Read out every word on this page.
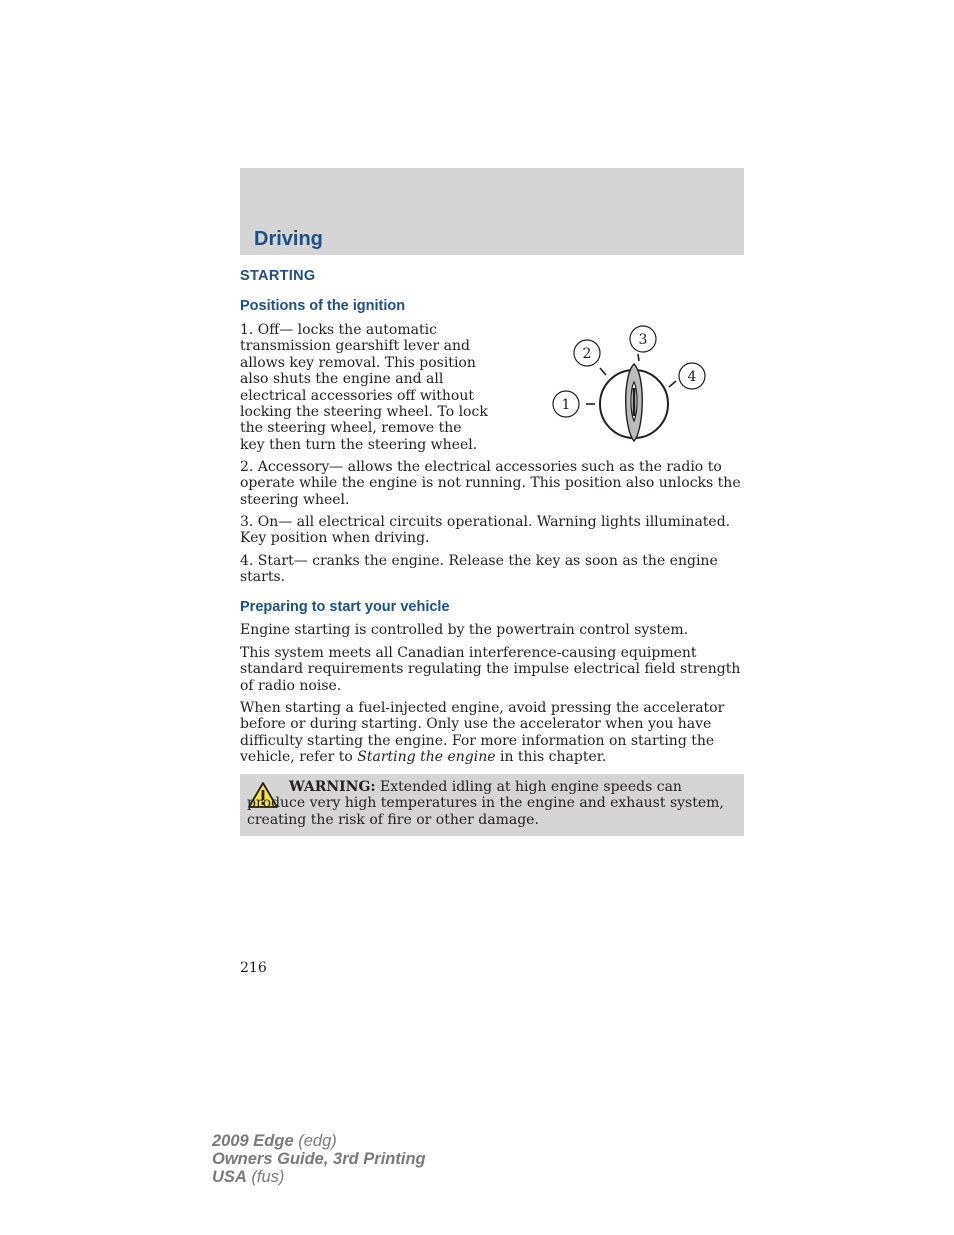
Driving
STARTING
Positions of the ignition

1. Off— locks the automatic transmission gearshift lever and allows key removal. This position also shuts the engine and all electrical accessories off without locking the steering wheel. To lock the steering wheel, remove the key then turn the steering wheel.

1
2
3
4

2. Accessory— allows the electrical accessories such as the radio to operate while the engine is not running. This position also unlocks the steering wheel.

3. On— all electrical circuits operational. Warning lights illuminated. Key position when driving.

4. Start— cranks the engine. Release the key as soon as the engine starts.

Preparing to start your vehicle

Engine starting is controlled by the powertrain control system.

This system meets all Canadian interference-causing equipment standard requirements regulating the impulse electrical field strength of radio noise.

When starting a fuel-injected engine, avoid pressing the accelerator before or during starting. Only use the accelerator when you have difficulty starting the engine. For more information on starting the vehicle, refer to Starting the engine in this chapter.

WARNING: Extended idling at high engine speeds can produce very high temperatures in the engine and exhaust system, creating the risk of fire or other damage.

216
2009 Edge (edg)
Owners Guide, 3rd Printing
USA (fus)
